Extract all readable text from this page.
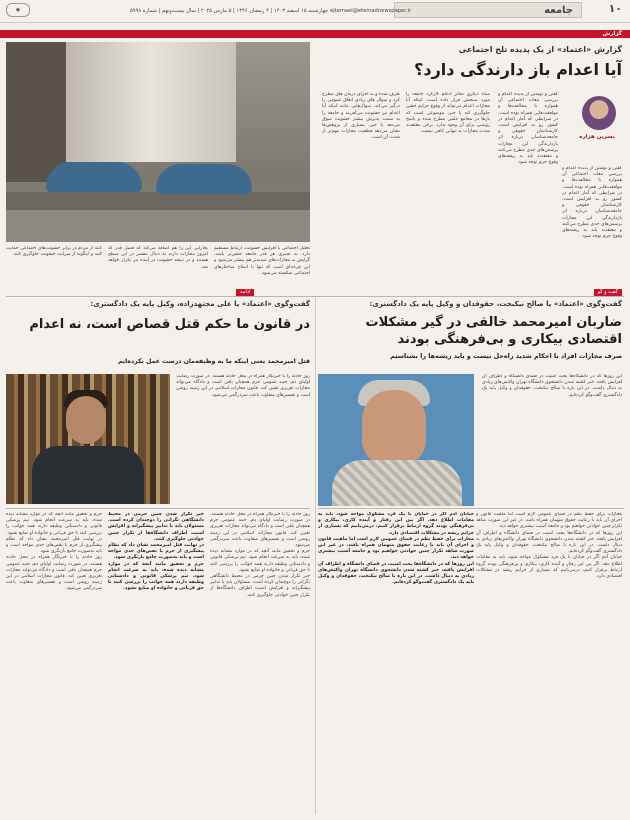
۱۰
جامعه
ejtemaei@etemadnewspaper.ir
چهارشنبه ۱۵ اسفند ۱۴۰۳ | ۴ رمضان ۱۴۴۶ | ۵ مارس ۲۰۲۵ | سال بیست‌ونهم | شماره ۵۹۹۸
◉
گزارش
گزارش «اعتماد» از یک پدیده تلخ اجتماعی
آیا اعدام باز دارندگی دارد؟
نسرین هزاره

گفتن و نوشتن از پدیده اعدام و بررسی تبعات اجتماعی آن همواره با مخالفت‌ها و موافقت‌هایی همراه بوده است. در شرایطی که آمار اعدام در کشور رو به افزایش است، کارشناسان حقوقی و جامعه‌شناسان درباره اثر بازدارندگی این مجازات پرسش‌های جدی مطرح می‌کنند و معتقدند باید به ریشه‌های وقوع جرم توجه شود.

ستاد دیگری دفاتر ادغام کارکرد جامعه را مورد سنجش قرار داده است. اینکه آیا مجازات اعدام می‌تواند از وقوع جرایم خشن جلوگیری کند یا خیر، موضوعی است که بارها در مجامع علمی مطرح شده و پاسخ روشنی برای آن وجود ندارد. برخی معتقدند شدت مجازات به تنهایی کافی نیست.

طرف شده و به اجرای درمان های مطرح کرد و سوال های زیادی اتفاق عمومی را درگیر می‌کند. سوال‌هایی مانند اینکه آیا اعدام نیز خشونت می‌آفریند و جامعه را به سمت پذیرش بیشتر خشونت سوق می‌دهد یا خیر. بسیاری از پژوهش‌ها نشان می‌دهد قطعیت مجازات مهم‌تر از شدت آن است.

گفتن و نوشتن از پدیده اعدام و بررسی تبعات اجتماعی آن همواره با مخالفت‌ها و موافقت‌هایی همراه بوده است. در شرایطی که آمار اعدام در کشور رو به افزایش است، کارشناسان حقوقی و جامعه‌شناسان درباره اثر بازدارندگی این مجازات پرسش‌های جدی مطرح می‌کنند و معتقدند باید به ریشه‌های وقوع جرم توجه شود.

تحلیل اجتماعی با افزایش خشونت، ارتباط مستقیم دارد. به تعبیری هر قدر جامعه خشن‌تر باشد، گرایش به مجازات‌های شدیدتر هم بیشتر می‌شود و این چرخه‌ای است که تنها با اصلاح ساختارهای اجتماعی شکسته می‌شود.

بخارایی این را هم اضافه می‌کند که فضل قدر که امروز مجازات دارند به دنبال مقصر در این سطح هستند و در نتیجه خشونت در آینده نیز تکرار خواهد شد.

کنند از مردم در برابر خشونت‌های اجتماعی حمایت کنند و اینگونه از سرایت خشونت جلوگیری کنند.

گفت و گو
ادامه
گفت‌وگوی «اعتماد» با صالح نیکبخت، حقوقدان و وکیل پایه یک دادگستری:
ضاربان امیرمحمد خالقی در گیر مشکلات اقتصادی بیکاری و بی‌فرهنگی بودند
صرف مجازات افراد با احکام شدید راه‌حل نیست و باید ریشه‌ها را بشناسیم

این روزها که در دانشگاه‌ها بحث امنیت در فضای دانشگاه و اطراف آن افزایش یافته، خبر کشته شدن دانشجوی دانشگاه تهران واکنش‌های زیادی به دنبال داشت. در این باره با صالح نیکبخت، حقوقدان و وکیل پایه یک دادگستری گفت‌وگو کرده‌ایم.

مجازات برای حفظ نظم در فضای عمومی لازم است اما ماهیت قانون و اجرای آن باید با رعایت حقوق متهمان همراه باشد. در غیر این صورت شاهد تکرار چنین حوادثی خواهیم بود و جامعه آسیب بیشتری خواهد دید.

این روزها که در دانشگاه‌ها بحث امنیت در فضای دانشگاه و اطراف آن افزایش یافته، خبر کشته شدن دانشجوی دانشگاه تهران واکنش‌های زیادی به دنبال داشت. در این باره با صالح نیکبخت، حقوقدان و وکیل پایه یک دادگستری گفت‌وگو کرده‌ایم.

خیابان آدم اگر در خیابان با یک فرد مشکوک مواجه شود، باید به مقامات اطلاع دهد. اگر بین این رفتار و آینده کاری، بیکاری و بی‌فرهنگی بودند گروه ارتباط برقرار کنیم، درمی‌یابیم که بسیاری از جرایم ریشه در مشکلات اقتصادی دارد.

خیابان آدم اگر در خیابان با یک فرد مشکوک مواجه شود، باید به مقامات اطلاع دهد. اگر بین این رفتار و آینده کاری، بیکاری و بی‌فرهنگی بودند گروه ارتباط برقرار کنیم، درمی‌یابیم که بسیاری از جرایم ریشه در مشکلات اقتصادی دارد.

مجازات برای حفظ نظم در فضای عمومی لازم است اما ماهیت قانون و اجرای آن باید با رعایت حقوق متهمان همراه باشد. در غیر این صورت شاهد تکرار چنین حوادثی خواهیم بود و جامعه آسیب بیشتری خواهد دید.

این روزها که در دانشگاه‌ها بحث امنیت در فضای دانشگاه و اطراف آن افزایش یافته، خبر کشته شدن دانشجوی دانشگاه تهران واکنش‌های زیادی به دنبال داشت. در این باره با صالح نیکبخت، حقوقدان و وکیل پایه یک دادگستری گفت‌وگو کرده‌ایم.

گفت‌وگوی «اعتماد» با علی مجتهدزاده، وکیل پایه یک دادگستری:
در قانون ما حکم قتل قصاص است، نه اعدام
قتل امیرمحمد یعنی اینکه ما به وظیفه‌مان درست عمل نکرده‌ایم

روز حادثه را با خبرنگار همراه در محل حادثه هستند. در صورت رضایت اولیای دم، جنبه عمومی جرم همچنان باقی است و دادگاه می‌تواند مجازات تعزیری تعیین کند. قانون مجازات اسلامی در این زمینه روشن است و تفسیرهای متفاوت باعث سردرگمی می‌شود.

روز حادثه را با خبرنگار همراه در محل حادثه هستند. در صورت رضایت اولیای دم، جنبه عمومی جرم همچنان باقی است و دادگاه می‌تواند مجازات تعزیری تعیین کند. قانون مجازات اسلامی در این زمینه روشن است و تفسیرهای متفاوت باعث سردرگمی می‌شود.

جرم و تحقیق مانند آنچه که در موارد مشابه دیده شده، باید به سرعت انجام شود. تیم پزشکی قانونی و دادستانی وظیفه دارند همه جوانب را بررسی کنند تا حق قربانی و خانواده او ضایع نشود.

خبر تکرار شدن چنین جرمی در محیط دانشگاهی نگرانی را دوچندان کرده است. مسئولان باید با تدابیر پیشگیرانه و افزایش امنیت اطراف دانشگاه‌ها از تکرار چنین حوادثی جلوگیری کنند.

خبر تکرار شدن چنین جرمی در محیط دانشگاهی نگرانی را دوچندان کرده است. مسئولان باید با تدابیر پیشگیرانه و افزایش امنیت اطراف دانشگاه‌ها از تکرار چنین حوادثی جلوگیری کنند.

در نهایت قتل امیرمحمد نشان داد که نظام پیشگیری از جرم با نقص‌های جدی مواجه است و باید به‌صورت جامع بازنگری شود.

جرم و تحقیق مانند آنچه که در موارد مشابه دیده شده، باید به سرعت انجام شود. تیم پزشکی قانونی و دادستانی وظیفه دارند همه جوانب را بررسی کنند تا حق قربانی و خانواده او ضایع نشود.

جرم و تحقیق مانند آنچه که در موارد مشابه دیده شده، باید به سرعت انجام شود. تیم پزشکی قانونی و دادستانی وظیفه دارند همه جوانب را بررسی کنند تا حق قربانی و خانواده او ضایع نشود.

در نهایت قتل امیرمحمد نشان داد که نظام پیشگیری از جرم با نقص‌های جدی مواجه است و باید به‌صورت جامع بازنگری شود.

روز حادثه را با خبرنگار همراه در محل حادثه هستند. در صورت رضایت اولیای دم، جنبه عمومی جرم همچنان باقی است و دادگاه می‌تواند مجازات تعزیری تعیین کند. قانون مجازات اسلامی در این زمینه روشن است و تفسیرهای متفاوت باعث سردرگمی می‌شود.
